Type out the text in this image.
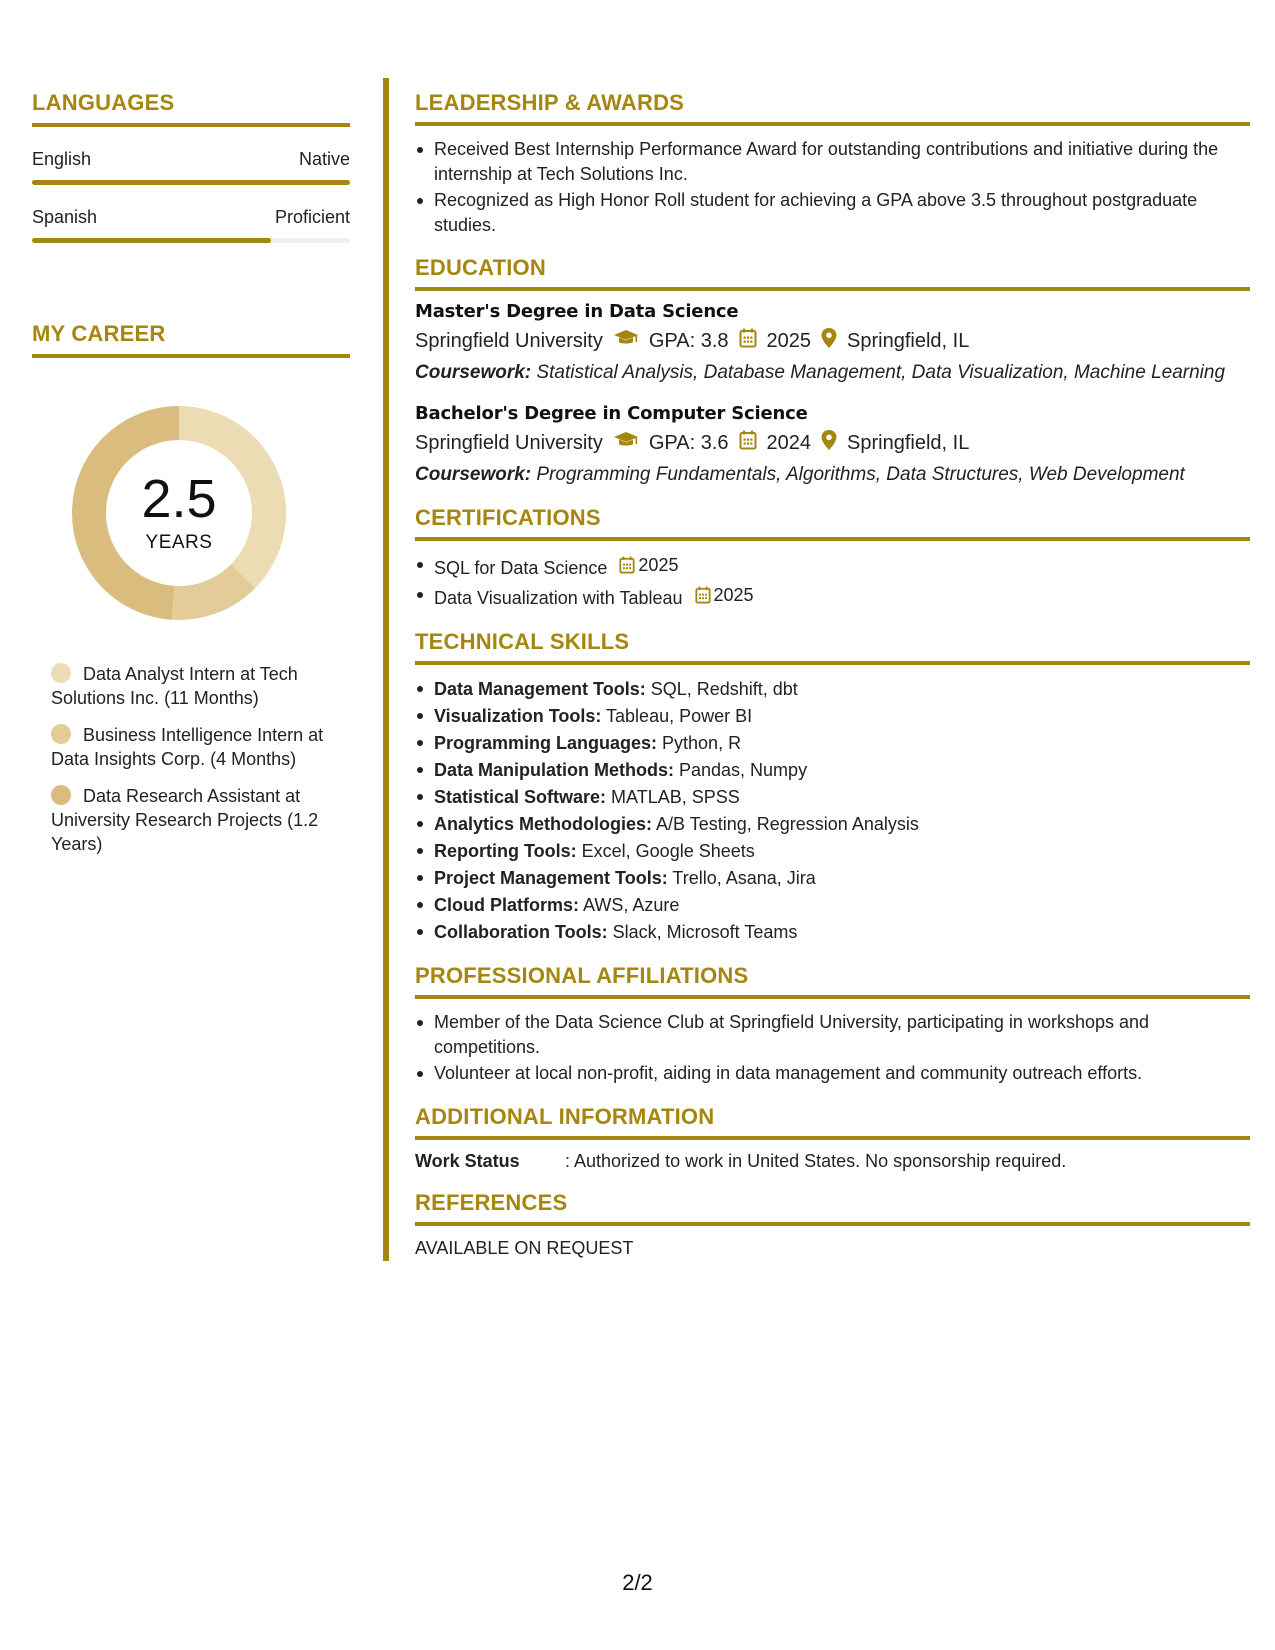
LANGUAGES
English	Native
Spanish	Proficient
MY CAREER
2.5
YEARS
Data Analyst Intern at Tech Solutions Inc. (11 Months)
Business Intelligence Intern at Data Insights Corp. (4 Months)
Data Research Assistant at University Research Projects (1.2 Years)
LEADERSHIP & AWARDS
Received Best Internship Performance Award for outstanding contributions and initiative during the internship at Tech Solutions Inc.
Recognized as High Honor Roll student for achieving a GPA above 3.5 throughout postgraduate studies.
EDUCATION
Master's Degree in Data Science
Springfield University GPA: 3.8 2025 Springfield, IL
Coursework: Statistical Analysis, Database Management, Data Visualization, Machine Learning
Bachelor's Degree in Computer Science
Springfield University GPA: 3.6 2024 Springfield, IL
Coursework: Programming Fundamentals, Algorithms, Data Structures, Web Development
CERTIFICATIONS
SQL for Data Science 2025
Data Visualization with Tableau 2025
TECHNICAL SKILLS
Data Management Tools: SQL, Redshift, dbt
Visualization Tools: Tableau, Power BI
Programming Languages: Python, R
Data Manipulation Methods: Pandas, Numpy
Statistical Software: MATLAB, SPSS
Analytics Methodologies: A/B Testing, Regression Analysis
Reporting Tools: Excel, Google Sheets
Project Management Tools: Trello, Asana, Jira
Cloud Platforms: AWS, Azure
Collaboration Tools: Slack, Microsoft Teams
PROFESSIONAL AFFILIATIONS
Member of the Data Science Club at Springfield University, participating in workshops and competitions.
Volunteer at local non-profit, aiding in data management and community outreach efforts.
ADDITIONAL INFORMATION
Work Status	: Authorized to work in United States. No sponsorship required.
REFERENCES
AVAILABLE ON REQUEST
2/2
